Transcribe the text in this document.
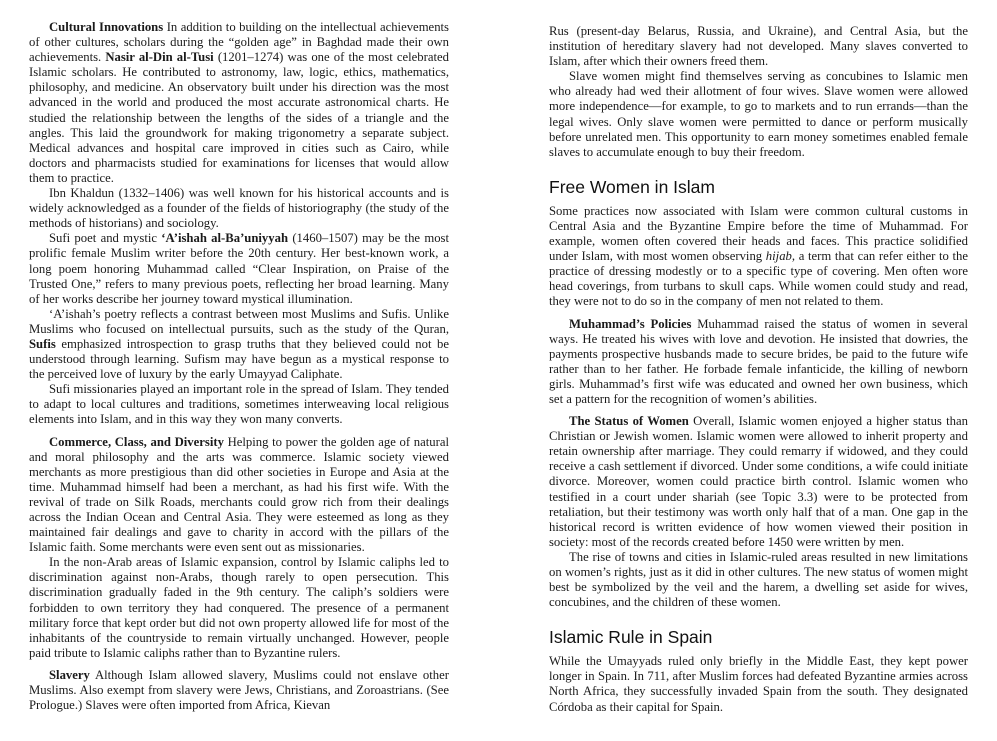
Cultural Innovations In addition to building on the intellectual achievements of other cultures, scholars during the “golden age” in Baghdad made their own achievements. Nasir al-Din al-Tusi (1201–1274) was one of the most celebrated Islamic scholars. He contributed to astronomy, law, logic, ethics, mathematics, philosophy, and medicine. An observatory built under his direction was the most advanced in the world and produced the most accurate astronomical charts. He studied the relationship between the lengths of the sides of a triangle and the angles. This laid the groundwork for making trigonometry a separate subject. Medical advances and hospital care improved in cities such as Cairo, while doctors and pharmacists studied for examinations for licenses that would allow them to practice.

Ibn Khaldun (1332–1406) was well known for his historical accounts and is widely acknowledged as a founder of the fields of historiography (the study of the methods of historians) and sociology.

Sufi poet and mystic ‘A’ishah al-Ba’uniyyah (1460–1507) may be the most prolific female Muslim writer before the 20th century. Her best-known work, a long poem honoring Muhammad called “Clear Inspiration, on Praise of the Trusted One,” refers to many previous poets, reflecting her broad learning. Many of her works describe her journey toward mystical illumination.

‘A’ishah’s poetry reflects a contrast between most Muslims and Sufis. Unlike Muslims who focused on intellectual pursuits, such as the study of the Quran, Sufis emphasized introspection to grasp truths that they believed could not be understood through learning. Sufism may have begun as a mystical response to the perceived love of luxury by the early Umayyad Caliphate.

Sufi missionaries played an important role in the spread of Islam. They tended to adapt to local cultures and traditions, sometimes interweaving local religious elements into Islam, and in this way they won many converts.

Commerce, Class, and Diversity Helping to power the golden age of natural and moral philosophy and the arts was commerce. Islamic society viewed merchants as more prestigious than did other societies in Europe and Asia at the time. Muhammad himself had been a merchant, as had his first wife. With the revival of trade on Silk Roads, merchants could grow rich from their dealings across the Indian Ocean and Central Asia. They were esteemed as long as they maintained fair dealings and gave to charity in accord with the pillars of the Islamic faith. Some merchants were even sent out as missionaries.

In the non-Arab areas of Islamic expansion, control by Islamic caliphs led to discrimination against non-Arabs, though rarely to open persecution. This discrimination gradually faded in the 9th century. The caliph’s soldiers were forbidden to own territory they had conquered. The presence of a permanent military force that kept order but did not own property allowed life for most of the inhabitants of the countryside to remain virtually unchanged. However, people paid tribute to Islamic caliphs rather than to Byzantine rulers.

Slavery Although Islam allowed slavery, Muslims could not enslave other Muslims. Also exempt from slavery were Jews, Christians, and Zoroastrians. (See Prologue.) Slaves were often imported from Africa, Kievan

Rus (present-day Belarus, Russia, and Ukraine), and Central Asia, but the institution of hereditary slavery had not developed. Many slaves converted to Islam, after which their owners freed them.

Slave women might find themselves serving as concubines to Islamic men who already had wed their allotment of four wives. Slave women were allowed more independence—for example, to go to markets and to run errands—than the legal wives. Only slave women were permitted to dance or perform musically before unrelated men. This opportunity to earn money sometimes enabled female slaves to accumulate enough to buy their freedom.

Free Women in Islam

Some practices now associated with Islam were common cultural customs in Central Asia and the Byzantine Empire before the time of Muhammad. For example, women often covered their heads and faces. This practice solidified under Islam, with most women observing hijab, a term that can refer either to the practice of dressing modestly or to a specific type of covering. Men often wore head coverings, from turbans to skull caps. While women could study and read, they were not to do so in the company of men not related to them.

Muhammad’s Policies Muhammad raised the status of women in several ways. He treated his wives with love and devotion. He insisted that dowries, the payments prospective husbands made to secure brides, be paid to the future wife rather than to her father. He forbade female infanticide, the killing of newborn girls. Muhammad’s first wife was educated and owned her own business, which set a pattern for the recognition of women’s abilities.

The Status of Women Overall, Islamic women enjoyed a higher status than Christian or Jewish women. Islamic women were allowed to inherit property and retain ownership after marriage. They could remarry if widowed, and they could receive a cash settlement if divorced. Under some conditions, a wife could initiate divorce. Moreover, women could practice birth control. Islamic women who testified in a court under shariah (see Topic 3.3) were to be protected from retaliation, but their testimony was worth only half that of a man. One gap in the historical record is written evidence of how women viewed their position in society: most of the records created before 1450 were written by men.

The rise of towns and cities in Islamic-ruled areas resulted in new limitations on women’s rights, just as it did in other cultures. The new status of women might best be symbolized by the veil and the harem, a dwelling set aside for wives, concubines, and the children of these women.

Islamic Rule in Spain

While the Umayyads ruled only briefly in the Middle East, they kept power longer in Spain. In 711, after Muslim forces had defeated Byzantine armies across North Africa, they successfully invaded Spain from the south. They designated Córdoba as their capital for Spain.
